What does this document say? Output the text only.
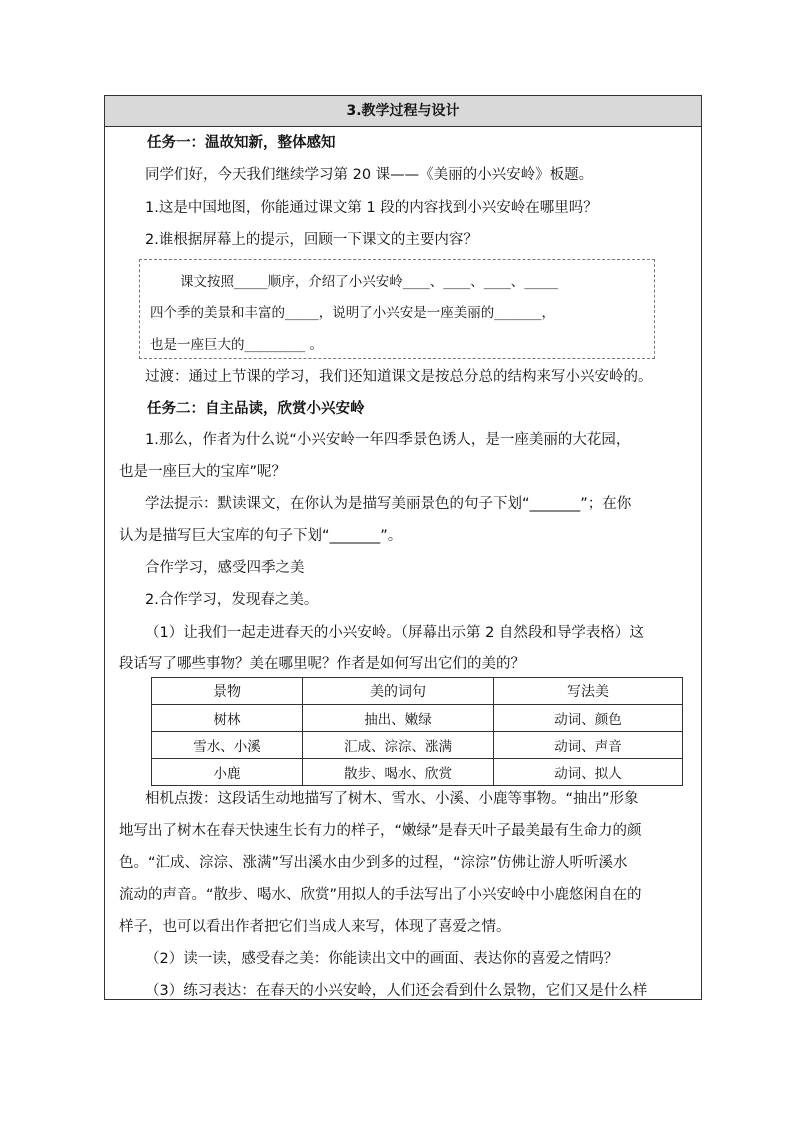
3.教学过程与设计
任务一：温故知新，整体感知
同学们好，今天我们继续学习第 20 课——《美丽的小兴安岭》板题。
1.这是中国地图，你能通过课文第 1 段的内容找到小兴安岭在哪里吗？
2.谁根据屏幕上的提示，回顾一下课文的主要内容？
课文按照_____顺序，介绍了小兴安岭____、____、____、_____
四个季的美景和丰富的_____，说明了小兴安是一座美丽的_______，
也是一座巨大的_________ 。
过渡：通过上节课的学习，我们还知道课文是按总分总的结构来写小兴安岭的。
任务二：自主品读，欣赏小兴安岭
1.那么，作者为什么说“小兴安岭一年四季景色诱人，是一座美丽的大花园，
也是一座巨大的宝库”呢？
学法提示：默读课文，在你认为是描写美丽景色的句子下划“_______”；在你
认为是描写巨大宝库的句子下划“_______”。
合作学习，感受四季之美
2.合作学习，发现春之美。
（1）让我们一起走进春天的小兴安岭。（屏幕出示第 2 自然段和导学表格）这
段话写了哪些事物？美在哪里呢？作者是如何写出它们的美的？
景物	美的词句	写法美
树林	抽出、嫩绿	动词、颜色
雪水、小溪	汇成、淙淙、涨满	动词、声音
小鹿	散步、喝水、欣赏	动词、拟人
相机点拨：这段话生动地描写了树木、雪水、小溪、小鹿等事物。“抽出”形象
地写出了树木在春天快速生长有力的样子，“嫩绿”是春天叶子最美最有生命力的颜
色。“汇成、淙淙、涨满”写出溪水由少到多的过程，“淙淙”仿佛让游人听听溪水
流动的声音。“散步、喝水、欣赏”用拟人的手法写出了小兴安岭中小鹿悠闲自在的
样子，也可以看出作者把它们当成人来写，体现了喜爱之情。
（2）读一读，感受春之美：你能读出文中的画面、表达你的喜爱之情吗？
（3）练习表达：在春天的小兴安岭，人们还会看到什么景物，它们又是什么样
